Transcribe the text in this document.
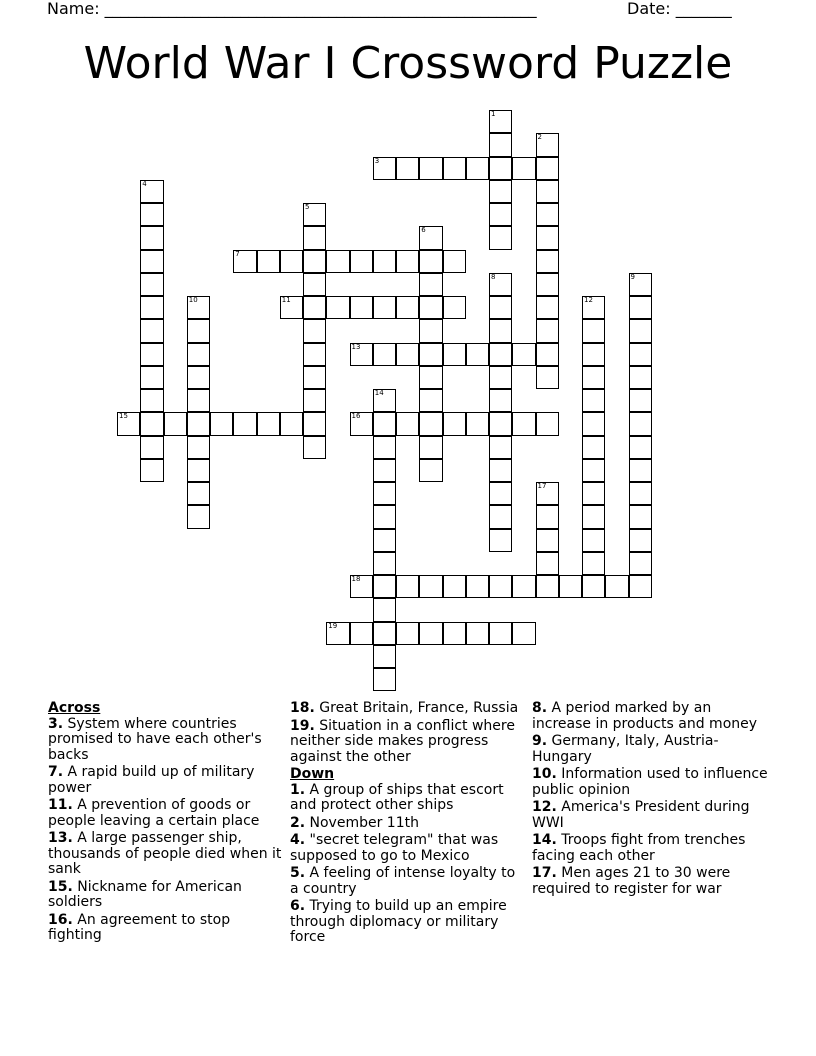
Name: ______________________________________________________	Date: _______
World War I Crossword Puzzle
1
2
3
4
5
6
7
8	9
10	11	12
13
14
15	16
17
18
19
Across
3. System where countries promised to have each other's backs
7. A rapid build up of military power
11. A prevention of goods or people leaving a certain place
13. A large passenger ship, thousands of people died when it sank
15. Nickname for American soldiers
16. An agreement to stop fighting
18. Great Britain, France, Russia
19. Situation in a conflict where neither side makes progress against the other
Down
1. A group of ships that escort and protect other ships
2. November 11th
4. "secret telegram" that was supposed to go to Mexico
5. A feeling of intense loyalty to a country
6. Trying to build up an empire through diplomacy or military force
8. A period marked by an increase in products and money
9. Germany, Italy, Austria-Hungary
10. Information used to influence public opinion
12. America's President during WWI
14. Troops fight from trenches facing each other
17. Men ages 21 to 30 were required to register for war
